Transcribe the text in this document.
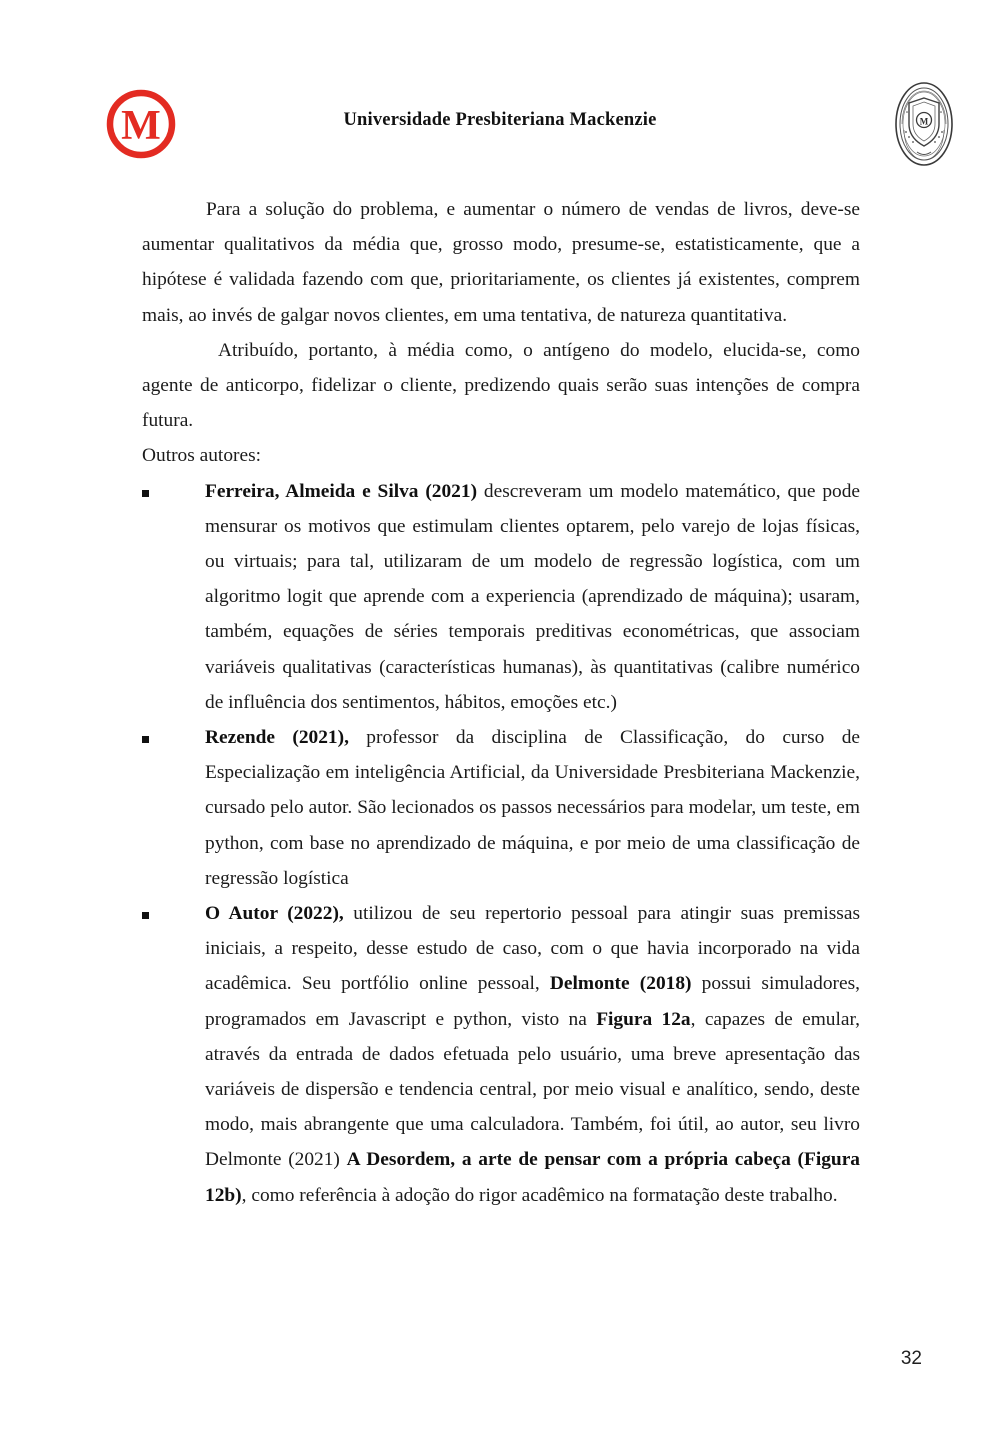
M	Universidade Presbiteriana Mackenzie	M

Para a solução do problema, e aumentar o número de vendas de livros, deve-se aumentar qualitativos da média que, grosso modo, presume-se, estatisticamente, que a hipótese é validada fazendo com que, prioritariamente, os clientes já existentes, comprem mais, ao invés de galgar novos clientes, em uma tentativa, de natureza quantitativa.

Atribuído, portanto, à média como, o antígeno do modelo, elucida-se, como agente de anticorpo, fidelizar o cliente, predizendo quais serão suas intenções de compra futura.

Outros autores:

Ferreira, Almeida e Silva (2021) descreveram um modelo matemático, que pode mensurar os motivos que estimulam clientes optarem, pelo varejo de lojas físicas, ou virtuais; para tal, utilizaram de um modelo de regressão logística, com um algoritmo logit que aprende com a experiencia (aprendizado de máquina); usaram, também, equações de séries temporais preditivas econométricas, que associam variáveis qualitativas (características humanas), às quantitativas (calibre numérico de influência dos sentimentos, hábitos, emoções etc.)
Rezende (2021), professor da disciplina de Classificação, do curso de Especialização em inteligência Artificial, da Universidade Presbiteriana Mackenzie, cursado pelo autor. São lecionados os passos necessários para modelar, um teste, em python, com base no aprendizado de máquina, e por meio de uma classificação de regressão logística
O Autor (2022), utilizou de seu repertorio pessoal para atingir suas premissas iniciais, a respeito, desse estudo de caso, com o que havia incorporado na vida acadêmica. Seu portfólio online pessoal, Delmonte (2018) possui simuladores, programados em Javascript e python, visto na Figura 12a, capazes de emular, através da entrada de dados efetuada pelo usuário, uma breve apresentação das variáveis de dispersão e tendencia central, por meio visual e analítico, sendo, deste modo, mais abrangente que uma calculadora. Também, foi útil, ao autor, seu livro Delmonte (2021) A Desordem, a arte de pensar com a própria cabeça (Figura 12b), como referência à adoção do rigor acadêmico na formatação deste trabalho.
32
